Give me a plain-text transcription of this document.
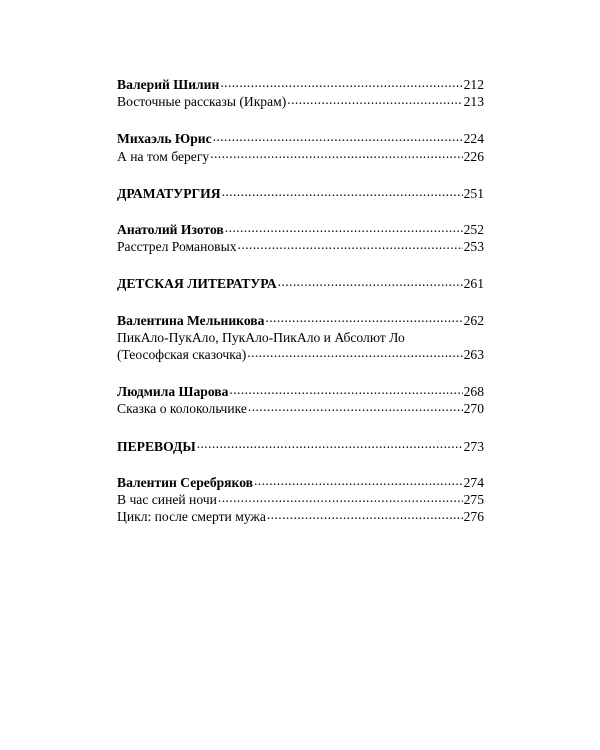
Валерий Шилин .....	212
Восточные рассказы (Икрам) .....	213
Михаэль Юрис .....	224
А на том берегу .....	226
ДРАМАТУРГИЯ .....	251
Анатолий Изотов .....	252
Расстрел Романовых .....	253
ДЕТСКАЯ ЛИТЕРАТУРА .....	261
Валентина Мельникова .....	262
ПикАло-ПукАло, ПукАло-ПикАло и Абсолют Ло
(Теософская сказочка) .....	263
Людмила Шарова .....	268
Сказка о колокольчике .....	270
ПЕРЕВОДЫ .....	273
Валентин Серебряков .....	274
В час синей ночи .....	275
Цикл: после смерти мужа .....	276
